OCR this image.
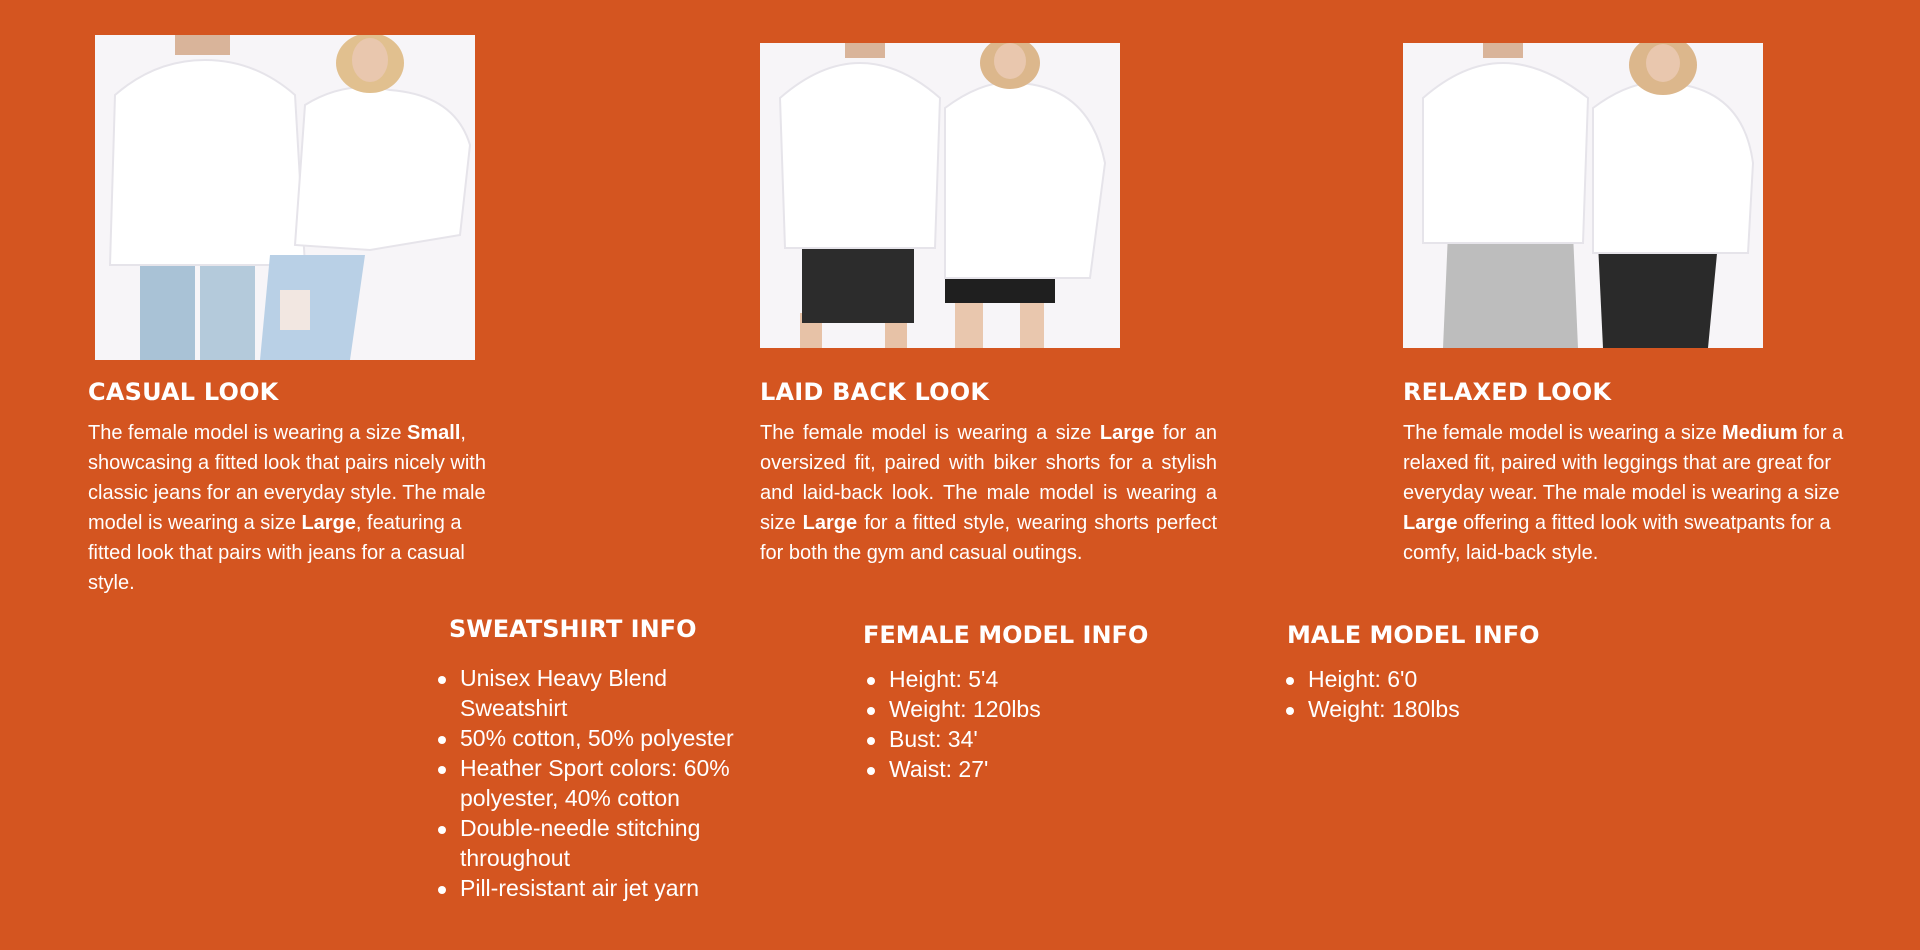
CASUAL LOOK

The female model is wearing a size Small, showcasing a fitted look that pairs nicely with classic jeans for an everyday style. The male model is wearing a size Large, featuring a fitted look that pairs with jeans for a casual style.

LAID BACK LOOK

The female model is wearing a size Large for an oversized fit, paired with biker shorts for a stylish and laid-back look. The male model is wearing a size Large for a fitted style, wearing shorts perfect for both the gym and casual outings.

RELAXED LOOK

The female model is wearing a size Medium for a relaxed fit, paired with leggings that are great for everyday wear. The male model is wearing a size Large offering a fitted look with sweatpants for a comfy, laid-back style.

SWEATSHIRT INFO
Unisex Heavy Blend Sweatshirt
50% cotton, 50% polyester
Heather Sport colors: 60% polyester, 40% cotton
Double-needle stitching throughout
Pill-resistant air jet yarn
FEMALE MODEL INFO
Height: 5'4
Weight: 120lbs
Bust: 34'
Waist: 27'
MALE MODEL INFO
Height: 6'0
Weight: 180lbs
